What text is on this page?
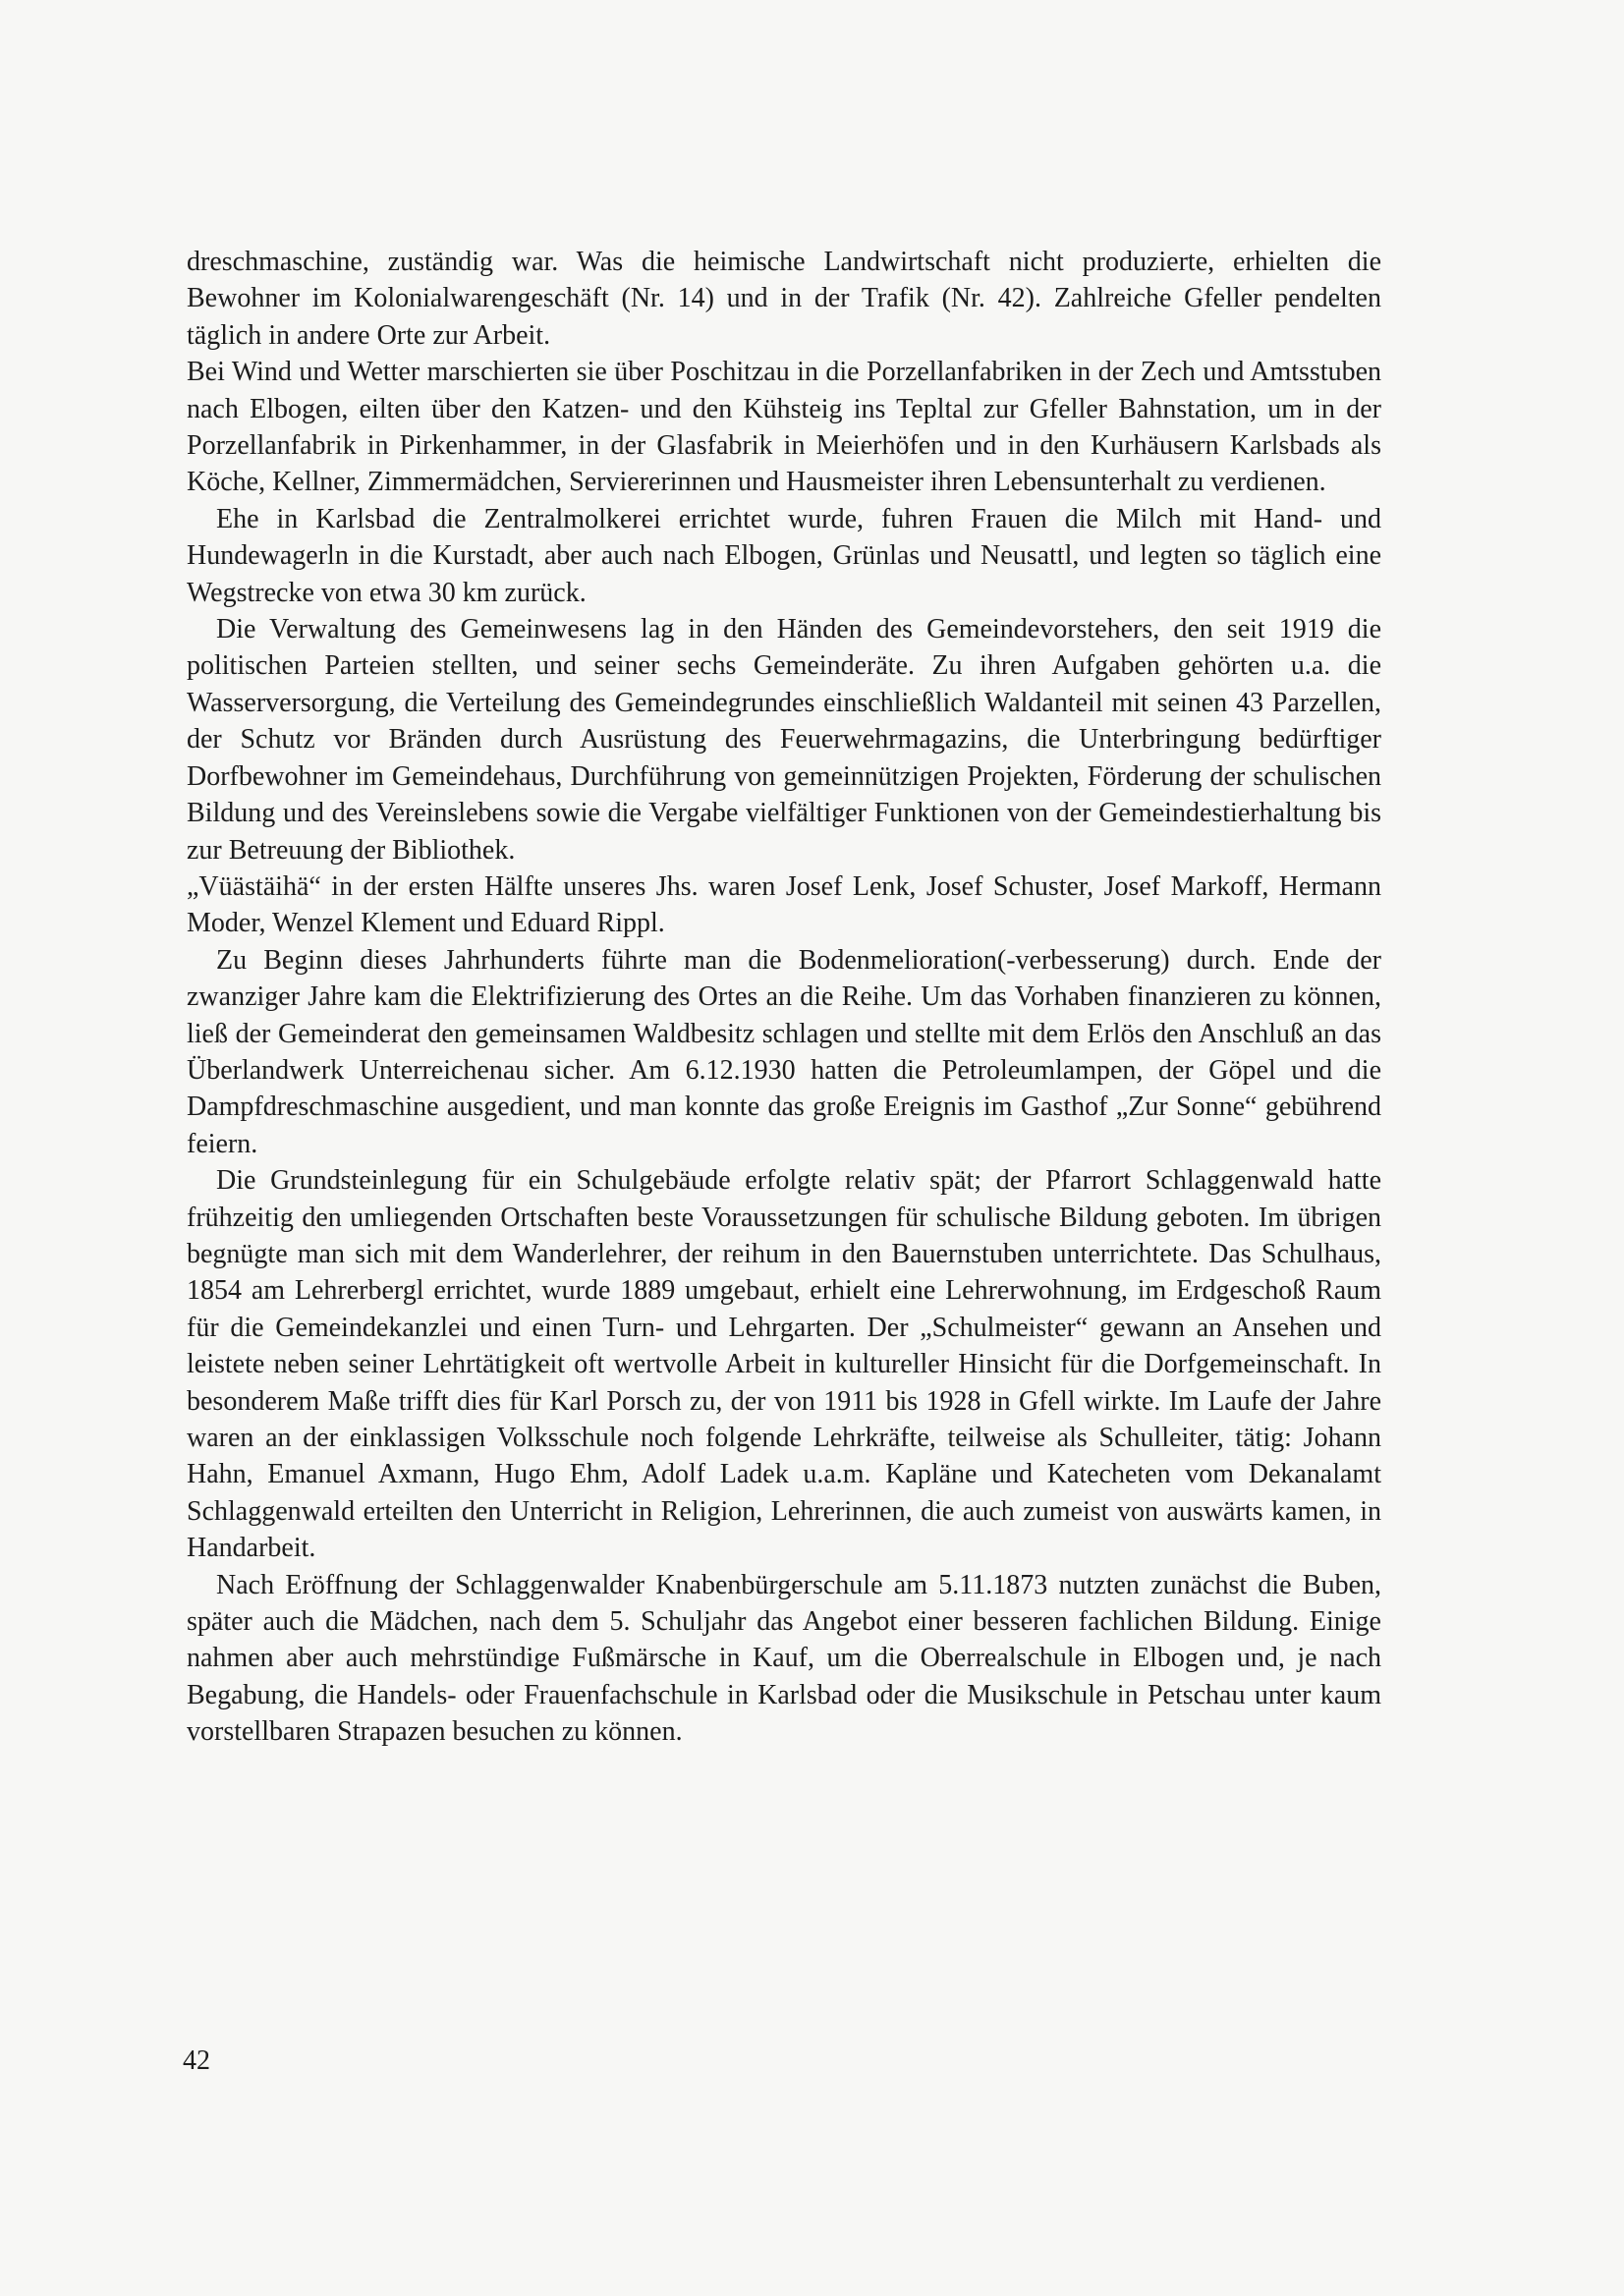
dreschmaschine, zuständig war. Was die heimische Landwirtschaft nicht produzierte, erhielten die Bewohner im Kolonialwarengeschäft (Nr. 14) und in der Trafik (Nr. 42). Zahlreiche Gfeller pendelten täglich in andere Orte zur Arbeit.

Bei Wind und Wetter marschierten sie über Poschitzau in die Porzellanfabriken in der Zech und Amtsstuben nach Elbogen, eilten über den Katzen- und den Kühsteig ins Tepltal zur Gfeller Bahnstation, um in der Porzellanfabrik in Pirkenhammer, in der Glasfabrik in Meierhöfen und in den Kurhäusern Karlsbads als Köche, Kellner, Zimmermädchen, Serviererinnen und Hausmeister ihren Lebensunterhalt zu verdienen.

Ehe in Karlsbad die Zentralmolkerei errichtet wurde, fuhren Frauen die Milch mit Hand- und Hundewagerln in die Kurstadt, aber auch nach Elbogen, Grünlas und Neusattl, und legten so täglich eine Wegstrecke von etwa 30 km zurück.

Die Verwaltung des Gemeinwesens lag in den Händen des Gemeindevorstehers, den seit 1919 die politischen Parteien stellten, und seiner sechs Gemeinderäte. Zu ihren Aufgaben gehörten u.a. die Wasserversorgung, die Verteilung des Gemeindegrundes einschließlich Waldanteil mit seinen 43 Parzellen, der Schutz vor Bränden durch Ausrüstung des Feuerwehrmagazins, die Unterbringung bedürftiger Dorfbewohner im Gemeindehaus, Durchführung von gemeinnützigen Projekten, Förderung der schulischen Bildung und des Vereinslebens sowie die Vergabe vielfältiger Funktionen von der Gemeindestierhaltung bis zur Betreuung der Bibliothek.

„Vüästäihä“ in der ersten Hälfte unseres Jhs. waren Josef Lenk, Josef Schuster, Josef Markoff, Hermann Moder, Wenzel Klement und Eduard Rippl.

Zu Beginn dieses Jahrhunderts führte man die Bodenmelioration(-verbesserung) durch. Ende der zwanziger Jahre kam die Elektrifizierung des Ortes an die Reihe. Um das Vorhaben finanzieren zu können, ließ der Gemeinderat den gemeinsamen Waldbesitz schlagen und stellte mit dem Erlös den Anschluß an das Überlandwerk Unterreichenau sicher. Am 6.12.1930 hatten die Petroleumlampen, der Göpel und die Dampfdreschmaschine ausgedient, und man konnte das große Ereignis im Gasthof „Zur Sonne“ gebührend feiern.

Die Grundsteinlegung für ein Schulgebäude erfolgte relativ spät; der Pfarrort Schlaggenwald hatte frühzeitig den umliegenden Ortschaften beste Voraussetzungen für schulische Bildung geboten. Im übrigen begnügte man sich mit dem Wanderlehrer, der reihum in den Bauernstuben unterrichtete. Das Schulhaus, 1854 am Lehrerbergl errichtet, wurde 1889 umgebaut, erhielt eine Lehrerwohnung, im Erdgeschoß Raum für die Gemeindekanzlei und einen Turn- und Lehrgarten. Der „Schulmeister“ gewann an Ansehen und leistete neben seiner Lehrtätigkeit oft wertvolle Arbeit in kultureller Hinsicht für die Dorfgemeinschaft. In besonderem Maße trifft dies für Karl Porsch zu, der von 1911 bis 1928 in Gfell wirkte. Im Laufe der Jahre waren an der einklassigen Volksschule noch folgende Lehrkräfte, teilweise als Schulleiter, tätig: Johann Hahn, Emanuel Axmann, Hugo Ehm, Adolf Ladek u.a.m. Kapläne und Katecheten vom Dekanalamt Schlaggenwald erteilten den Unterricht in Religion, Lehrerinnen, die auch zumeist von auswärts kamen, in Handarbeit.

Nach Eröffnung der Schlaggenwalder Knabenbürgerschule am 5.11.1873 nutzten zunächst die Buben, später auch die Mädchen, nach dem 5. Schuljahr das Angebot einer besseren fachlichen Bildung. Einige nahmen aber auch mehrstündige Fußmärsche in Kauf, um die Oberrealschule in Elbogen und, je nach Begabung, die Handels- oder Frauenfachschule in Karlsbad oder die Musikschule in Petschau unter kaum vorstellbaren Strapazen besuchen zu können.

42
